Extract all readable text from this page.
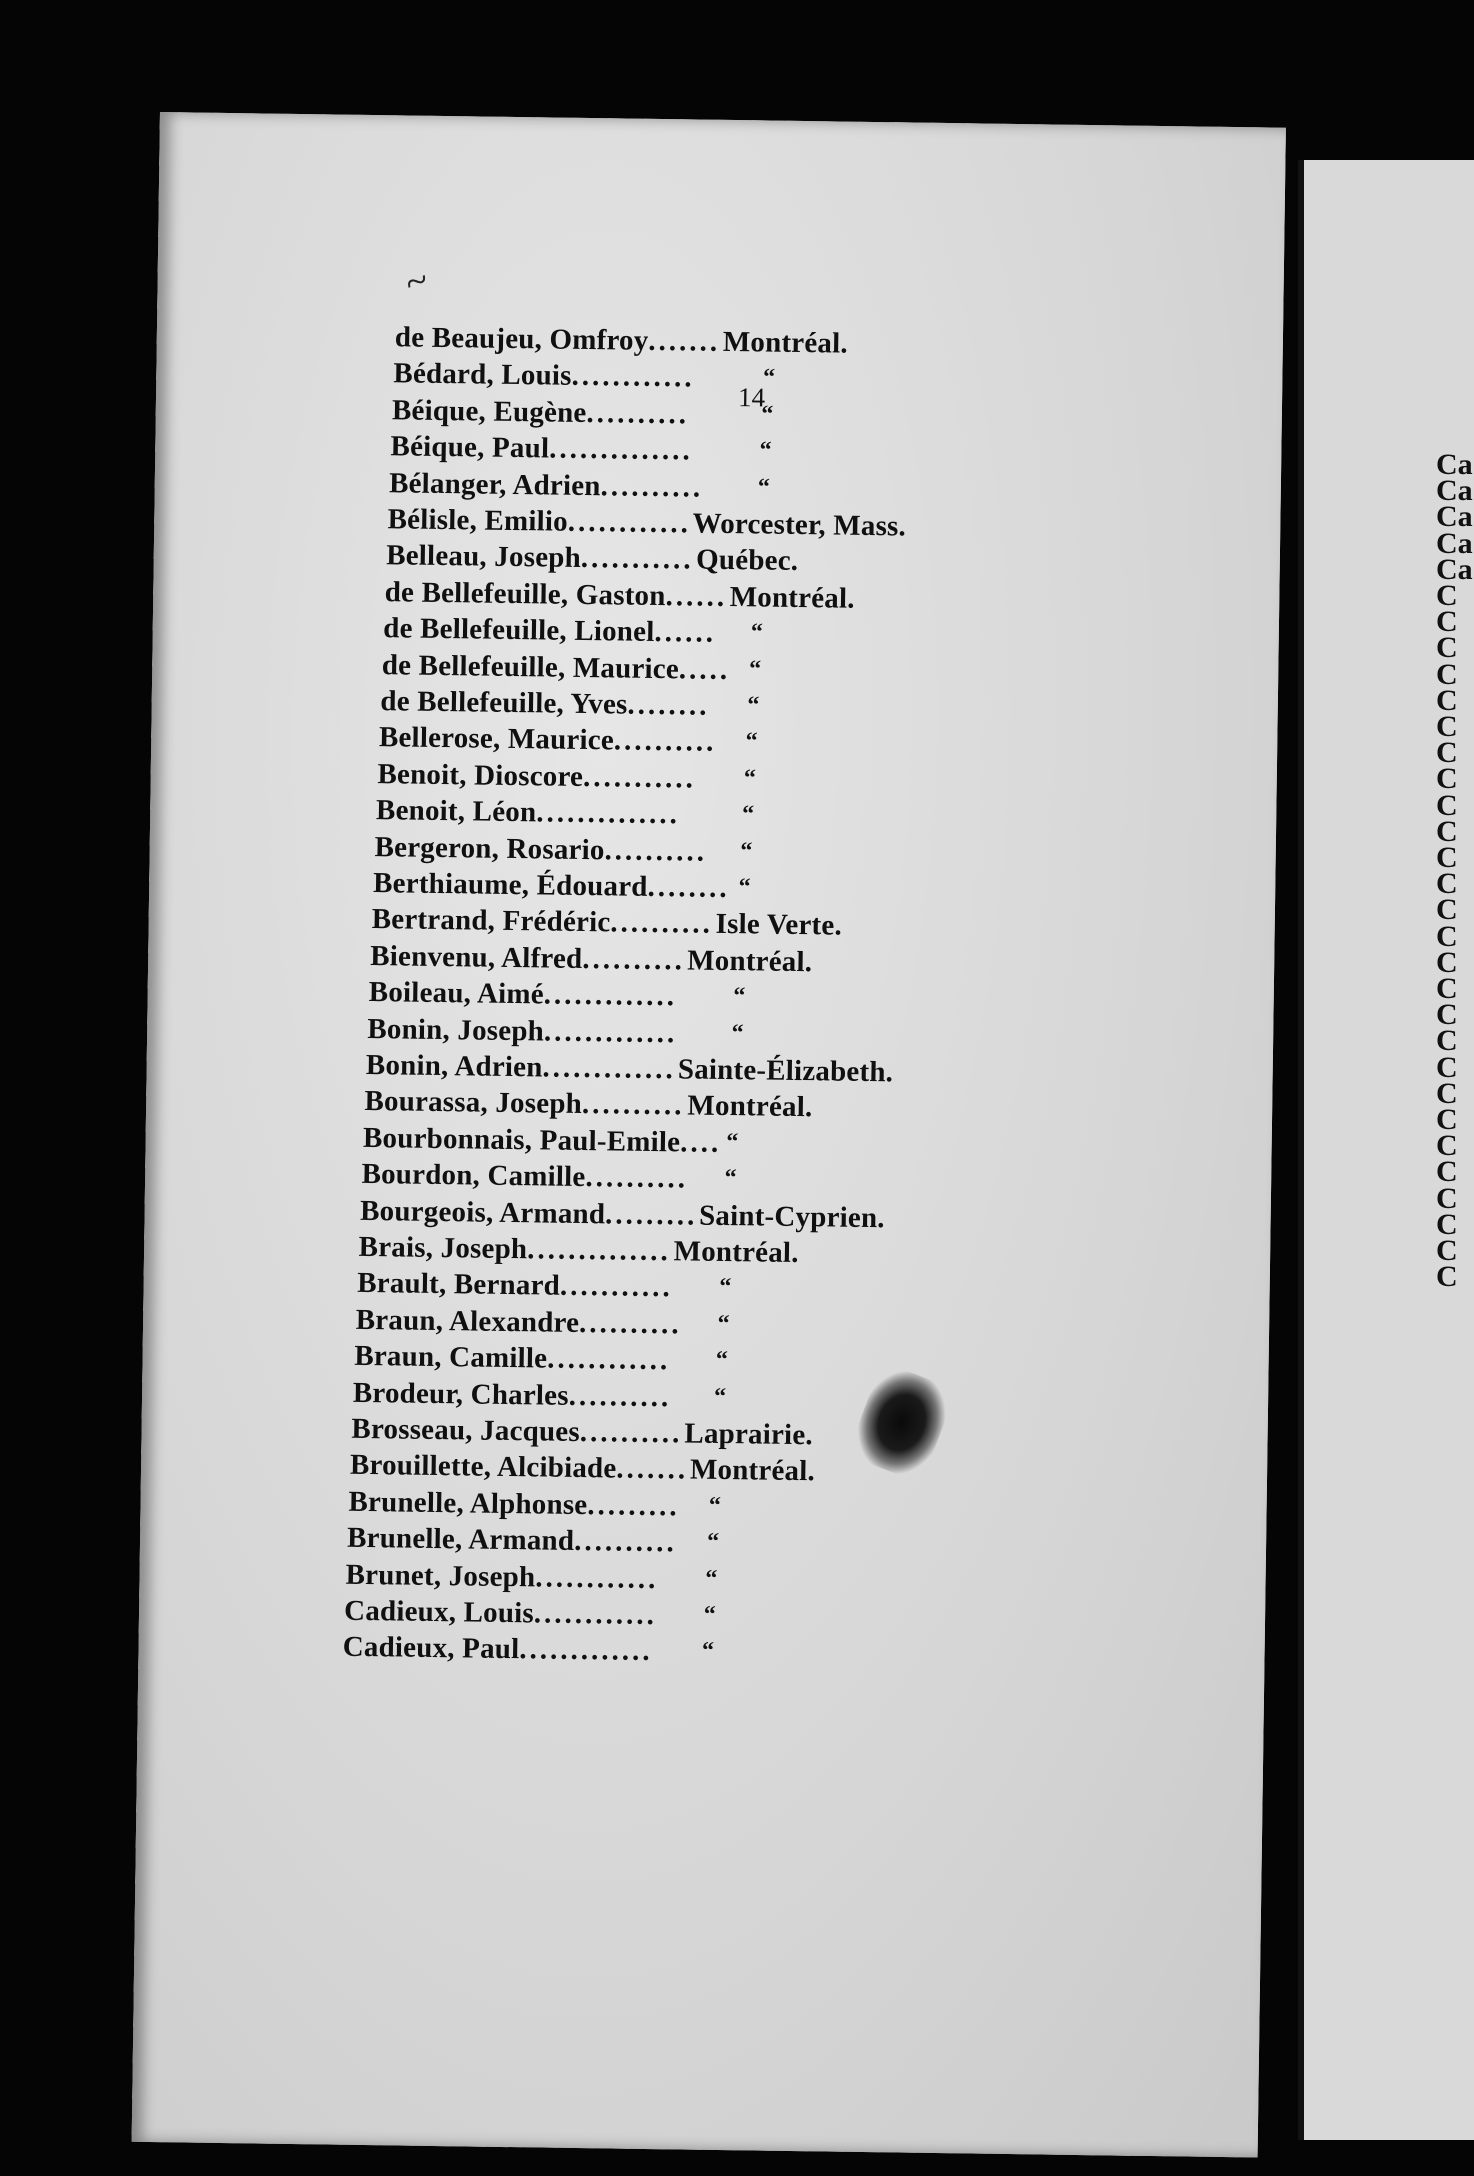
Ca
Ca
Ca
Ca
Ca
C
C
C
C
C
C
C
C
C
C
C
C
C
C
C
C
C
C
C
C
C
C
C
C
C
C
C
~
14
de Beaujeu, Omfroy....... Montréal.
Bédard, Louis............	“
Béique, Eugène..........	“
Béique, Paul..............	“
Bélanger, Adrien.......... “
Bélisle, Emilio............ Worcester, Mass.
Belleau, Joseph........... Québec.
de Bellefeuille, Gaston...... Montréal.
de Bellefeuille, Lionel...... “
de Bellefeuille, Maurice..... “
de Bellefeuille, Yves........ “
Bellerose, Maurice.......... “
Benoit, Dioscore........... “
Benoit, Léon..............	“
Bergeron, Rosario.......... “
Berthiaume, Édouard........ “
Bertrand, Frédéric.......... Isle Verte.
Bienvenu, Alfred.......... Montréal.
Boileau, Aimé............. “
Bonin, Joseph............. “
Bonin, Adrien............. Sainte-Élizabeth.
Bourassa, Joseph.......... Montréal.
Bourbonnais, Paul-Emile.... “
Bourdon, Camille.......... “
Bourgeois, Armand......... Saint-Cyprien.
Brais, Joseph.............. Montréal.
Brault, Bernard........... “
Braun, Alexandre.......... “
Braun, Camille............ “
Brodeur, Charles.......... “
Brosseau, Jacques.......... Laprairie.
Brouillette, Alcibiade....... Montréal.
Brunelle, Alphonse......... “
Brunelle, Armand.......... “
Brunet, Joseph............ “
Cadieux, Louis............ “
Cadieux, Paul............. “
